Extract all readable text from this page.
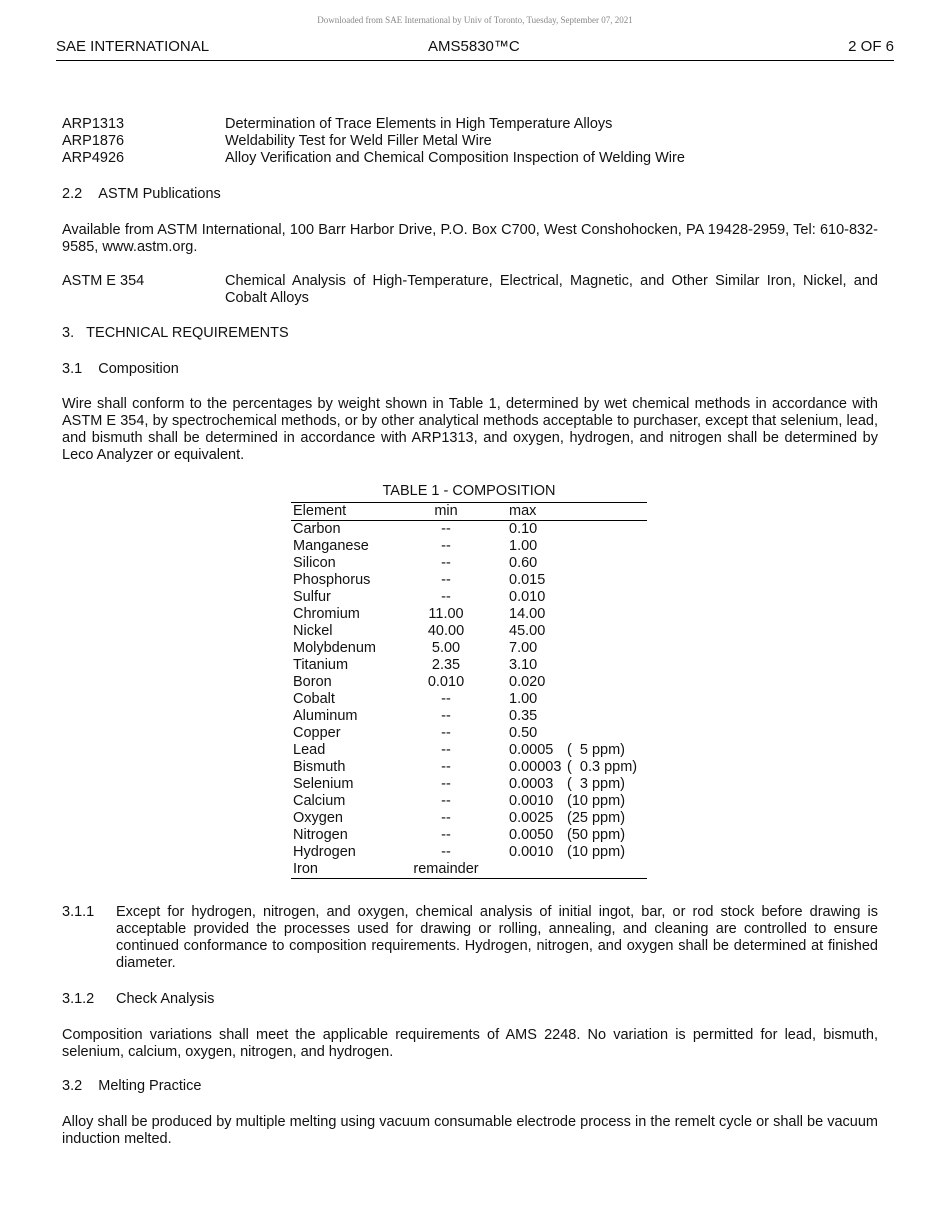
Downloaded from SAE International by Univ of Toronto, Tuesday, September 07, 2021
SAE INTERNATIONAL	AMS5830™C	2 OF 6
ARP1313	Determination of Trace Elements in High Temperature Alloys
ARP1876	Weldability Test for Weld Filler Metal Wire
ARP4926	Alloy Verification and Chemical Composition Inspection of Welding Wire
2.2    ASTM Publications
Available from ASTM International, 100 Barr Harbor Drive, P.O. Box C700, West Conshohocken, PA 19428-2959, Tel: 610-832-9585, www.astm.org.
ASTM E 354	Chemical Analysis of High-Temperature, Electrical, Magnetic, and Other Similar Iron, Nickel, and Cobalt Alloys
3.   TECHNICAL REQUIREMENTS
3.1    Composition
Wire shall conform to the percentages by weight shown in Table 1, determined by wet chemical methods in accordance with ASTM E 354, by spectrochemical methods, or by other analytical methods acceptable to purchaser, except that selenium, lead, and bismuth shall be determined in accordance with ARP1313, and oxygen, hydrogen, and nitrogen shall be determined by Leco Analyzer or equivalent.
TABLE 1 - COMPOSITION
Element	min	max
Carbon	--	0.10
Manganese	--	1.00
Silicon	--	0.60
Phosphorus	--	0.015
Sulfur	--	0.010
Chromium	11.00	14.00
Nickel	40.00	45.00
Molybdenum	5.00	7.00
Titanium	2.35	3.10
Boron	0.010	0.020
Cobalt	--	1.00
Aluminum	--	0.35
Copper	--	0.50
Lead	--	0.0005 (  5 ppm)
Bismuth	--	0.00003 (  0.3 ppm)
Selenium	--	0.0003 (  3 ppm)
Calcium	--	0.0010 (10 ppm)
Oxygen	--	0.0025 (25 ppm)
Nitrogen	--	0.0050 (50 ppm)
Hydrogen	--	0.0010 (10 ppm)
Iron	remainder
3.1.1 Except for hydrogen, nitrogen, and oxygen, chemical analysis of initial ingot, bar, or rod stock before drawing is acceptable provided the processes used for drawing or rolling, annealing, and cleaning are controlled to ensure continued conformance to composition requirements. Hydrogen, nitrogen, and oxygen shall be determined at finished diameter.
3.1.2 Check Analysis
Composition variations shall meet the applicable requirements of AMS 2248. No variation is permitted for lead, bismuth, selenium, calcium, oxygen, nitrogen, and hydrogen.
3.2    Melting Practice
Alloy shall be produced by multiple melting using vacuum consumable electrode process in the remelt cycle or shall be vacuum induction melted.
